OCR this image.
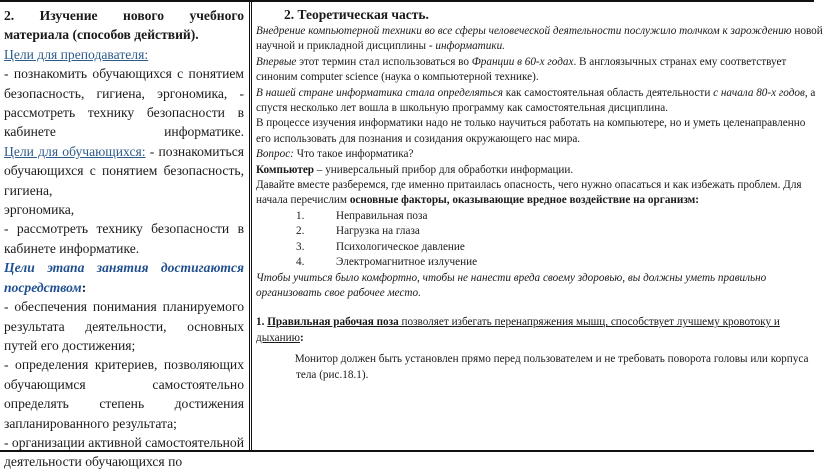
2. Изучение нового учебного материала (способов действий).

Цели для преподавателя:

- познакомить обучающихся с понятием безопасность, гигиена, эргономика, - рассмотреть технику безопасности в кабинете информатике.

Цели для обучающихся: - познакомиться обучающихся с понятием безопасность, гигиена,

эргономика,

- рассмотреть технику безопасности в кабинете информатике.

Цели этапа занятия достигаются посредством:

- обеспечения понимания планируемого результата деятельности, основных путей его достижения;

- определения критериев, позволяющих обучающимся самостоятельно определять степень достижения запланированного результата;

- организации активной самостоятельной деятельности обучающихся по

2. Теоретическая часть.

Внедрение компьютерной техники во все сферы человеческой деятельности послужило толчком к зарождению новой

научной и прикладной дисциплины - информатики.

Впервые этот термин стал использоваться во Франции в 60-х годах. В англоязычных странах ему соответствует

синоним computer science (наука о компьютерной технике).

В нашей стране информатика стала определяться как самостоятельная область деятельности с начала 80-х годов, а

спустя несколько лет вошла в школьную программу как самостоятельная дисциплина.

В процессе изучения информатики надо не только научиться работать на компьютере, но и уметь целенаправленно

его использовать для познания и созидания окружающего нас мира.

Вопрос: Что такое информатика?

Компьютер – универсальный прибор для обработки информации.

Давайте вместе разберемся, где именно притаилась опасность, чего нужно опасаться и как избежать проблем. Для

начала перечислим основные факторы, оказывающие вредное воздействие на организм:

1.	Неправильная поза

2.	Нагрузка на глаза

3.	Психологическое давление

4.	Электромагнитное излучение

Чтобы учиться было комфортно, чтобы не нанести вреда своему здоровью, вы должны уметь правильно

организовать свое рабочее место.

1. Правильная рабочая поза позволяет избегать перенапряжения мышц, способствует лучшему кровотоку и

дыханию:

Монитор должен быть установлен прямо перед пользователем и не требовать поворота головы или корпуса

тела (рис.18.1).
